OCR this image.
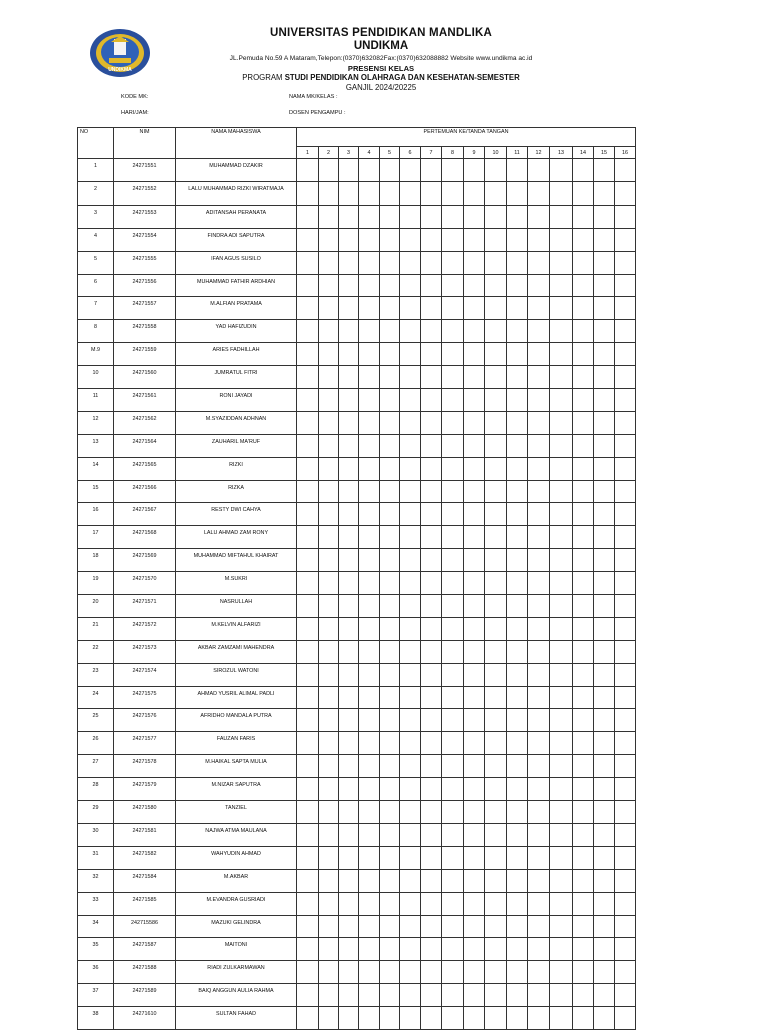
UNDIKMA
UNIVERSITAS PENDIDIKAN MANDLIKA
UNDIKMA
JL.Pemuda No.59 A Mataram,Telepon:(0370)632082Fax:(0370)632088882 Website www.undikma ac.id
PRESENSI KELAS
PROGRAM STUDI PENDIDIKAN OLAHRAGA DAN KESEHATAN-SEMESTER
GANJIL 2024/20225
KODE MK:
HARI/JAM:
NAMA MK/KELAS :
DOSEN PENGAMPU :
NO	NIM	NAMA MAHASISWA	PERTEMUAN KE/TANDA TANGAN															
			1	2	3	4	5	6	7	8	9	10	11	12	13	14	15	16
1	24271551	MUHAMMAD DZAKIR																
2	24271552	LALU MUHAMMAD RIZKI WIRATMAJA																
3	24271553	ADITANSAH PERANATA																
4	24271554	FINDRA ADI SAPUTRA																
5	24271555	IFAN AGUS SUSILO																
6	24271556	MUHAMMAD FATHIR ARDHIAN																
7	24271557	M.ALFIAN PRATAMA																
8	24271558	YAD HAFIZUDIN																
M.9	24271559	ARIES FADHILLAH																
10	24271560	JUMRATUL FITRI																
11	24271561	RONI JAYADI																
12	24271562	M.SYAZIDDAN ADHNAN																
13	24271564	ZAUHARIL MA'RUF																
14	24271565	RIZKI																
15	24271566	RIZKA																
16	24271567	RESTY DWI CAHYA																
17	24271568	LALU AHMAD ZAM RONY																
18	24271569	MUHAMMAD MIFTAHUL KHAIRAT																
19	24271570	M.SUKRI																
20	24271571	NASRULLAH																
21	24271572	M.KELVIN ALFARIZI																
22	24271573	AKBAR ZAMZAMI MAHENDRA																
23	24271574	SIROZUL WATONI																
24	24271575	AHMAD YUSRIL ALIMAL PADLI																
25	24271576	AFRIDHO MANDALA PUTRA																
26	24271577	FAUZAN FARIS																
27	24271578	M.HAIKAL SAPTA MULIA																
28	24271579	M.NIZAR SAPUTRA																
29	24271580	TANZIEL																
30	24271581	NAJWA ATMA MAULANA																
31	24271582	WAHYUDIN AHMAD																
32	24271584	M.AKBAR																
33	24271585	M.EVANDRA GUSRIADI																
34	242715586	MAZUKI GELINDRA																
35	24271587	MAITONI																
36	24271588	RIADI ZULKARMAWAN																
37	24271589	BAIQ ANGGUN AULIA RAHMA																
38	24271610	SULTAN FAHAD																
